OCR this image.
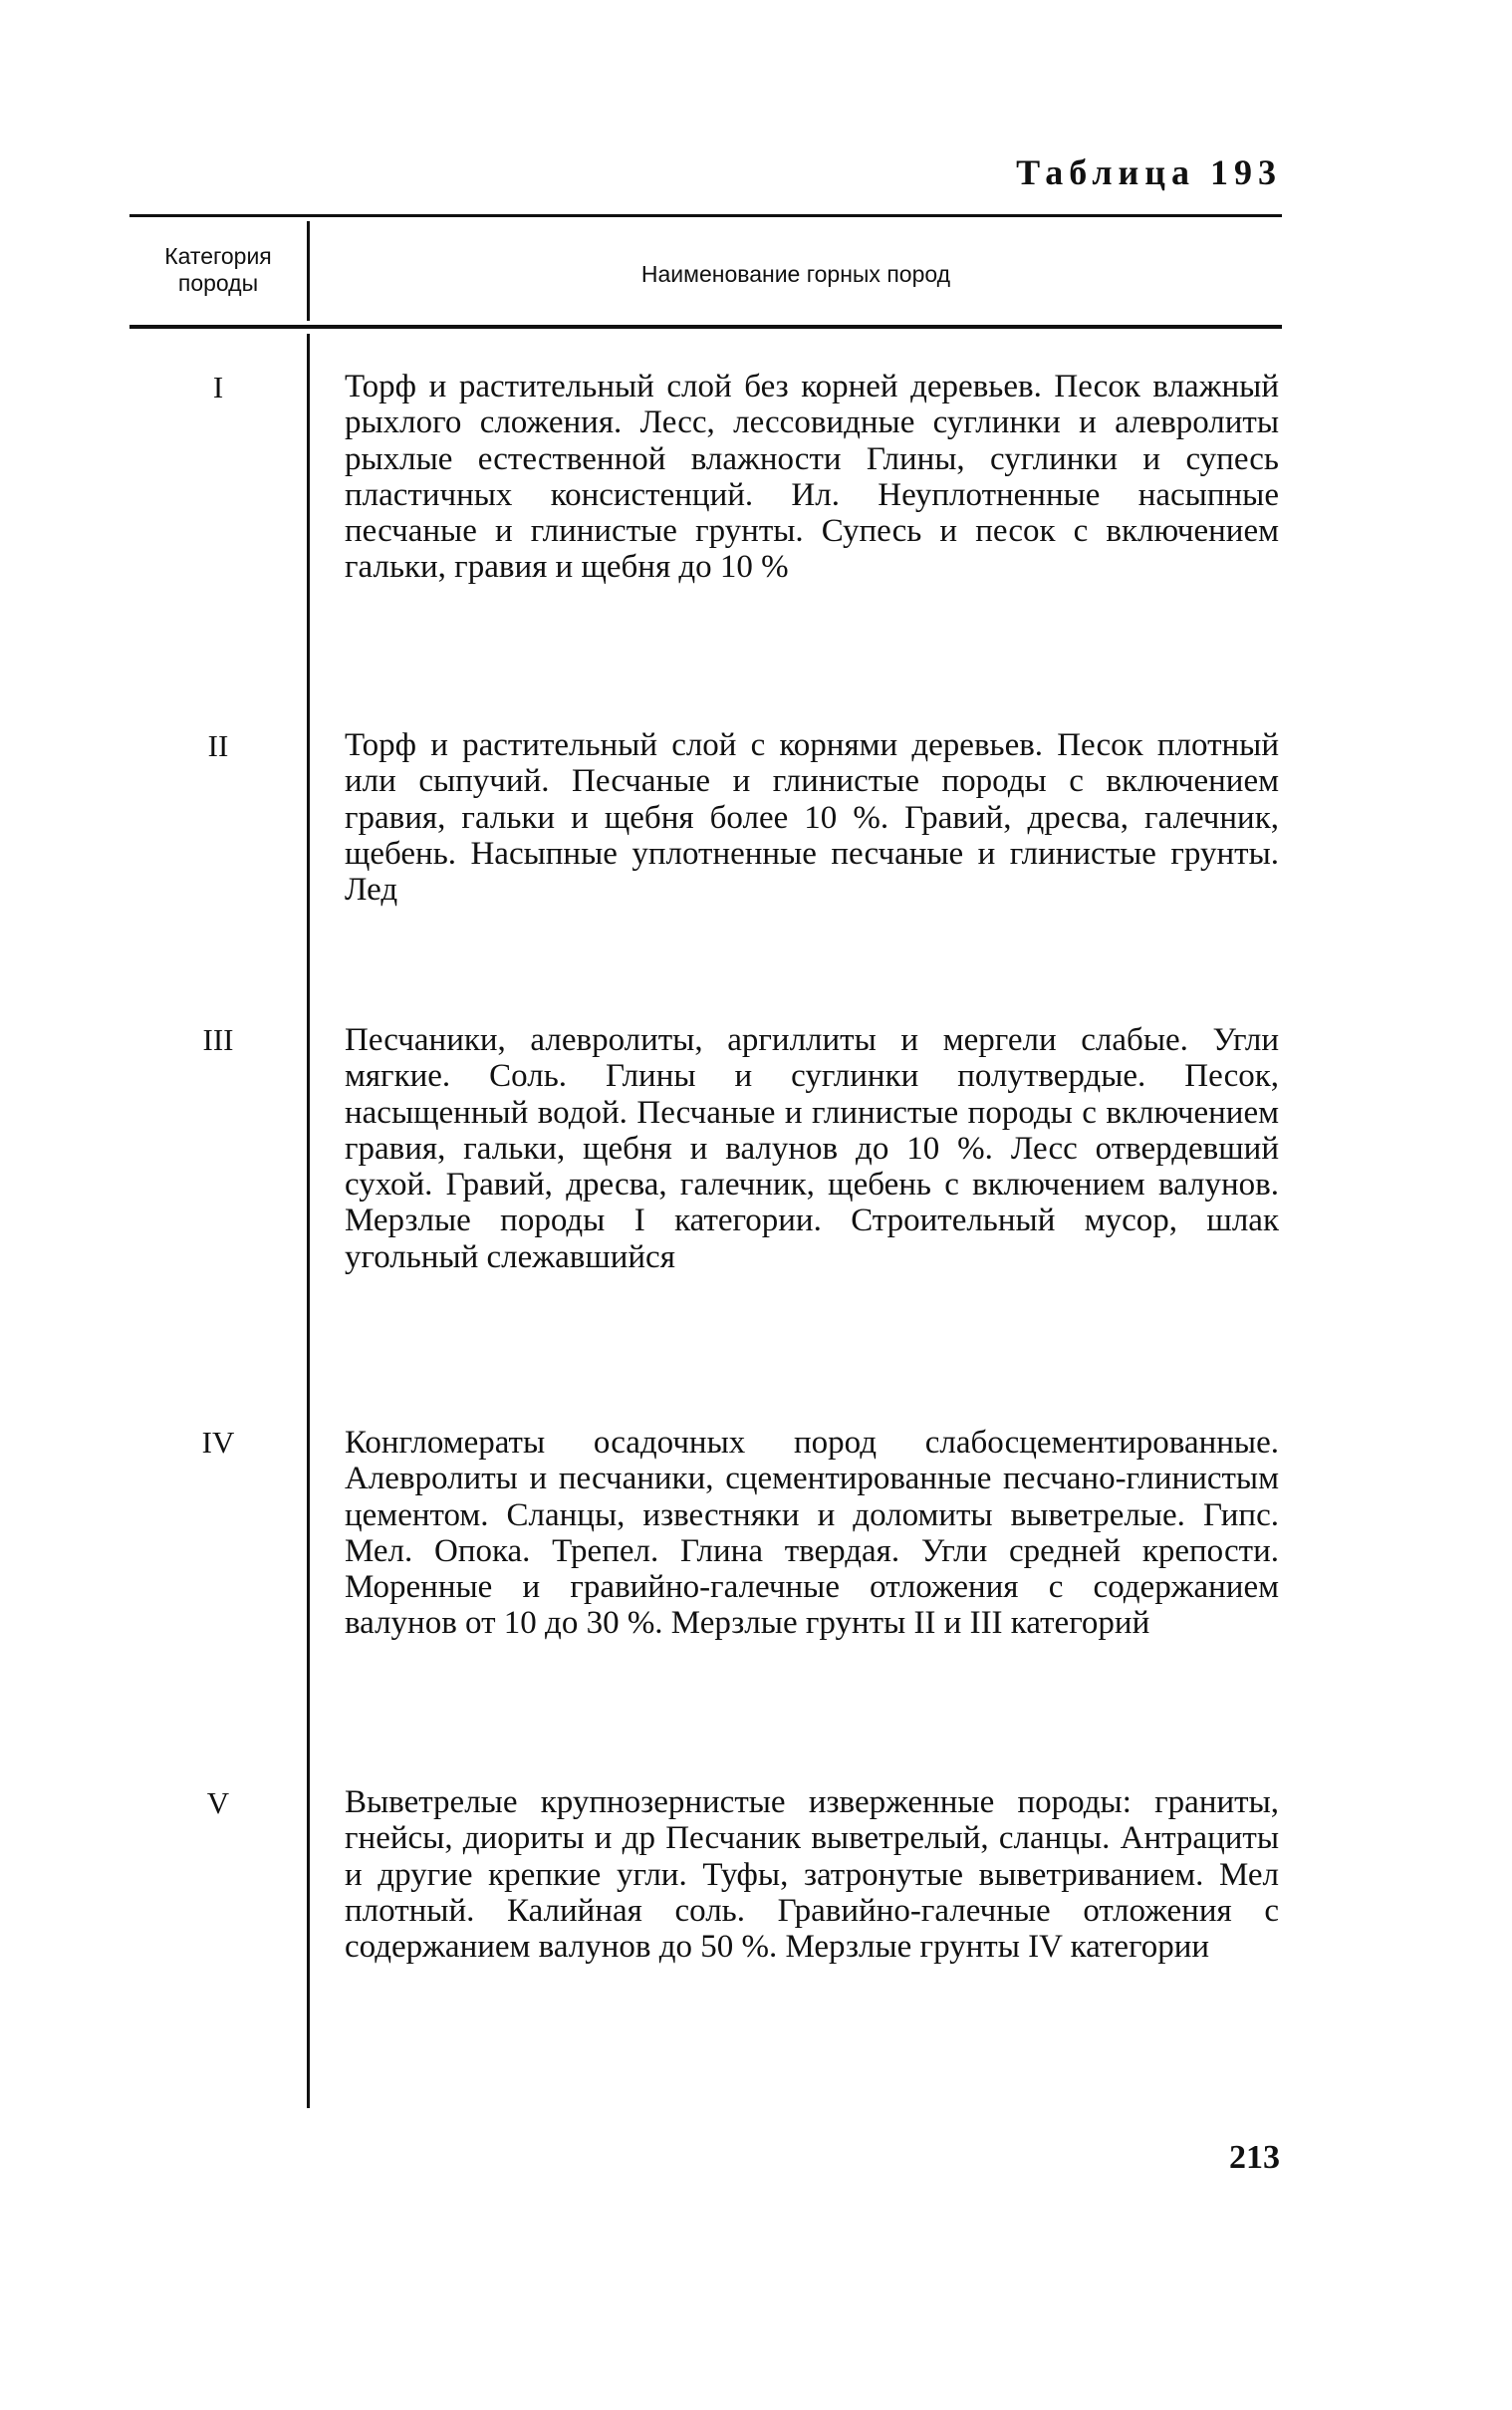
Таблица 193
Категория
породы	Наименование горных пород
I	Торф и растительный слой без корней деревьев. Песок влажный рыхлого сложения. Лесс, лессовидные суглинки и алевролиты рыхлые естественной влажности Глины, суглинки и супесь пластичных консистенций. Ил. Неуплотненные насыпные песчаные и глинистые грунты. Супесь и песок с включением гальки, гравия и щебня до 10 %
II	Торф и растительный слой с корнями деревьев. Песок плотный или сыпучий. Песчаные и глинистые породы с включением гравия, гальки и щебня более 10 %. Гравий, дресва, галечник, щебень. Насыпные уплотненные песчаные и глинистые грунты. Лед
III	Песчаники, алевролиты, аргиллиты и мергели слабые. Угли мягкие. Соль. Глины и суглинки полутвердые. Песок, насыщенный водой. Песчаные и глинистые породы с включением гравия, гальки, щебня и валунов до 10 %. Лесс отвердевший сухой. Гравий, дресва, галечник, щебень с включением валунов. Мерзлые породы I категории. Строительный мусор, шлак угольный слежавшийся
IV	Конгломераты осадочных пород слабосцементированные. Алевролиты и песчаники, сцементированные песчано-глинистым цементом. Сланцы, известняки и доломиты выветрелые. Гипс. Мел. Опока. Трепел. Глина твердая. Угли средней крепости. Моренные и гравийно-галечные отложения с содержанием валунов от 10 до 30 %. Мерзлые грунты II и III категорий
V	Выветрелые крупнозернистые изверженные породы: граниты, гнейсы, диориты и др Песчаник выветрелый, сланцы. Антрациты и другие крепкие угли. Туфы, затронутые выветриванием. Мел плотный. Калийная соль. Гравийно-галечные отложения с содержанием валунов до 50 %. Мерзлые грунты IV категории
213
